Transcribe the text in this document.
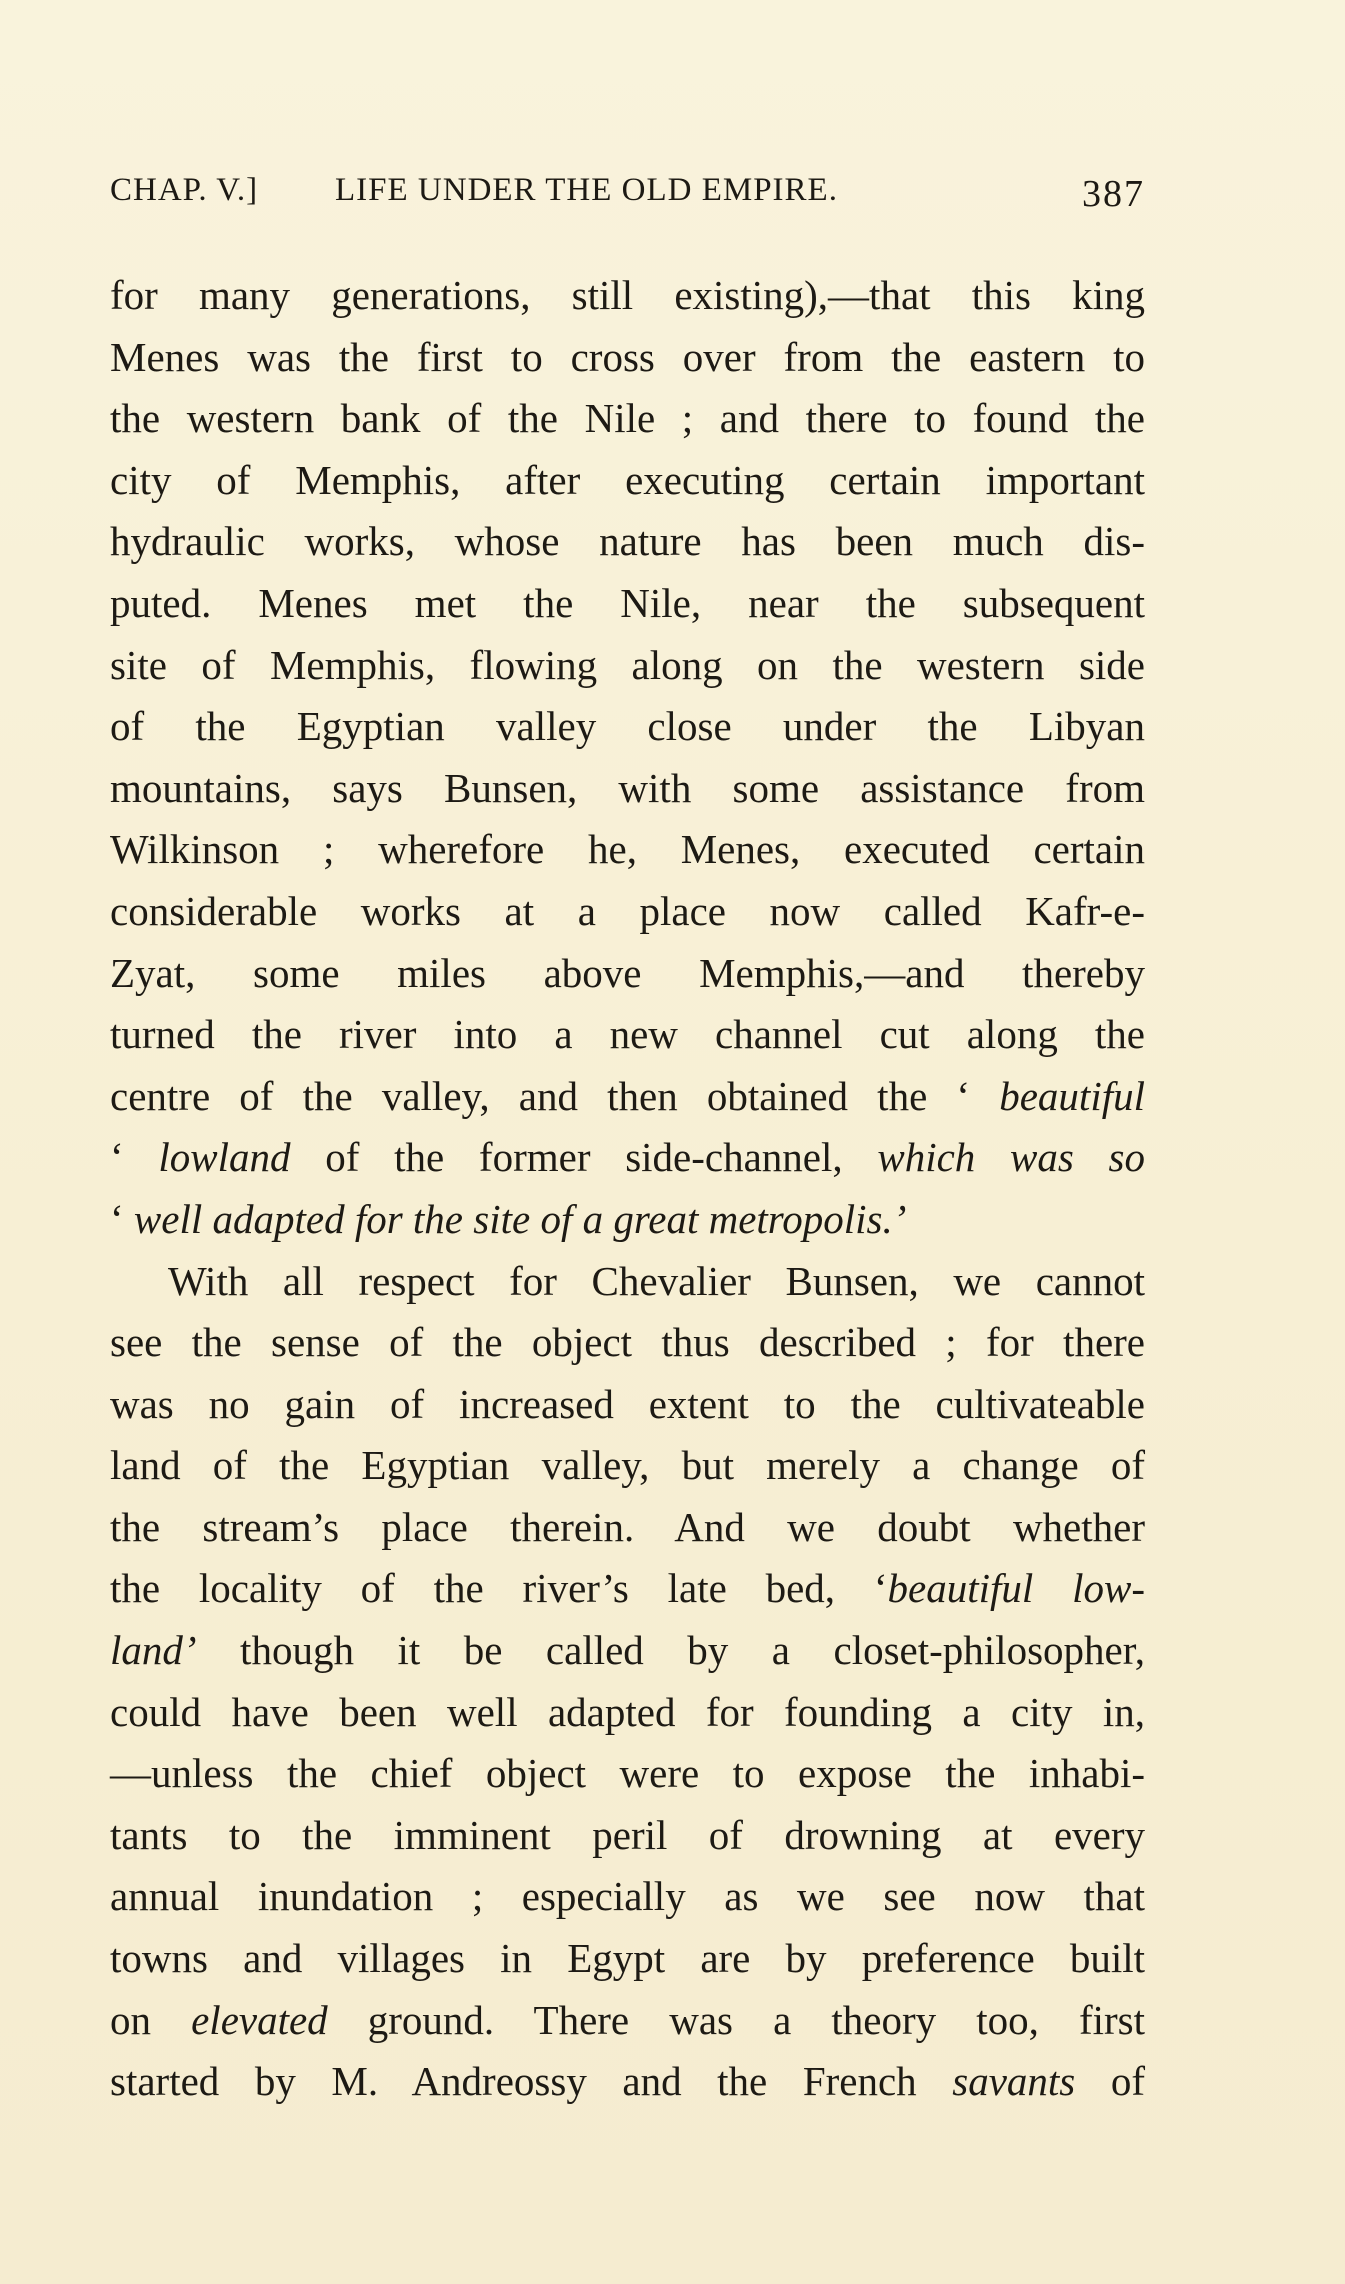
CHAP. V.] LIFE UNDER THE OLD EMPIRE.	387
for many generations, still existing),—that this king
Menes was the first to cross over from the eastern to
the western bank of the Nile ; and there to found the
city of Memphis, after executing certain important
hydraulic works, whose nature has been much dis-
puted. Menes met the Nile, near the subsequent
site of Memphis, flowing along on the western side
of the Egyptian valley close under the Libyan
mountains, says Bunsen, with some assistance from
Wilkinson ; wherefore he, Menes, executed certain
considerable works at a place now called Kafr-e-
Zyat, some miles above Memphis,—and thereby
turned the river into a new channel cut along the
centre of the valley, and then obtained the ‘ beautiful
‘ lowland of the former side-channel, which was so
‘ well adapted for the site of a great metropolis.’
With all respect for Chevalier Bunsen, we cannot
see the sense of the object thus described ; for there
was no gain of increased extent to the cultivateable
land of the Egyptian valley, but merely a change of
the stream’s place therein. And we doubt whether
the locality of the river’s late bed, ‘beautiful low-
land’ though it be called by a closet-philosopher,
could have been well adapted for founding a city in,
—unless the chief object were to expose the inhabi-
tants to the imminent peril of drowning at every
annual inundation ; especially as we see now that
towns and villages in Egypt are by preference built
on elevated ground. There was a theory too, first
started by M. Andreossy and the French savants of
